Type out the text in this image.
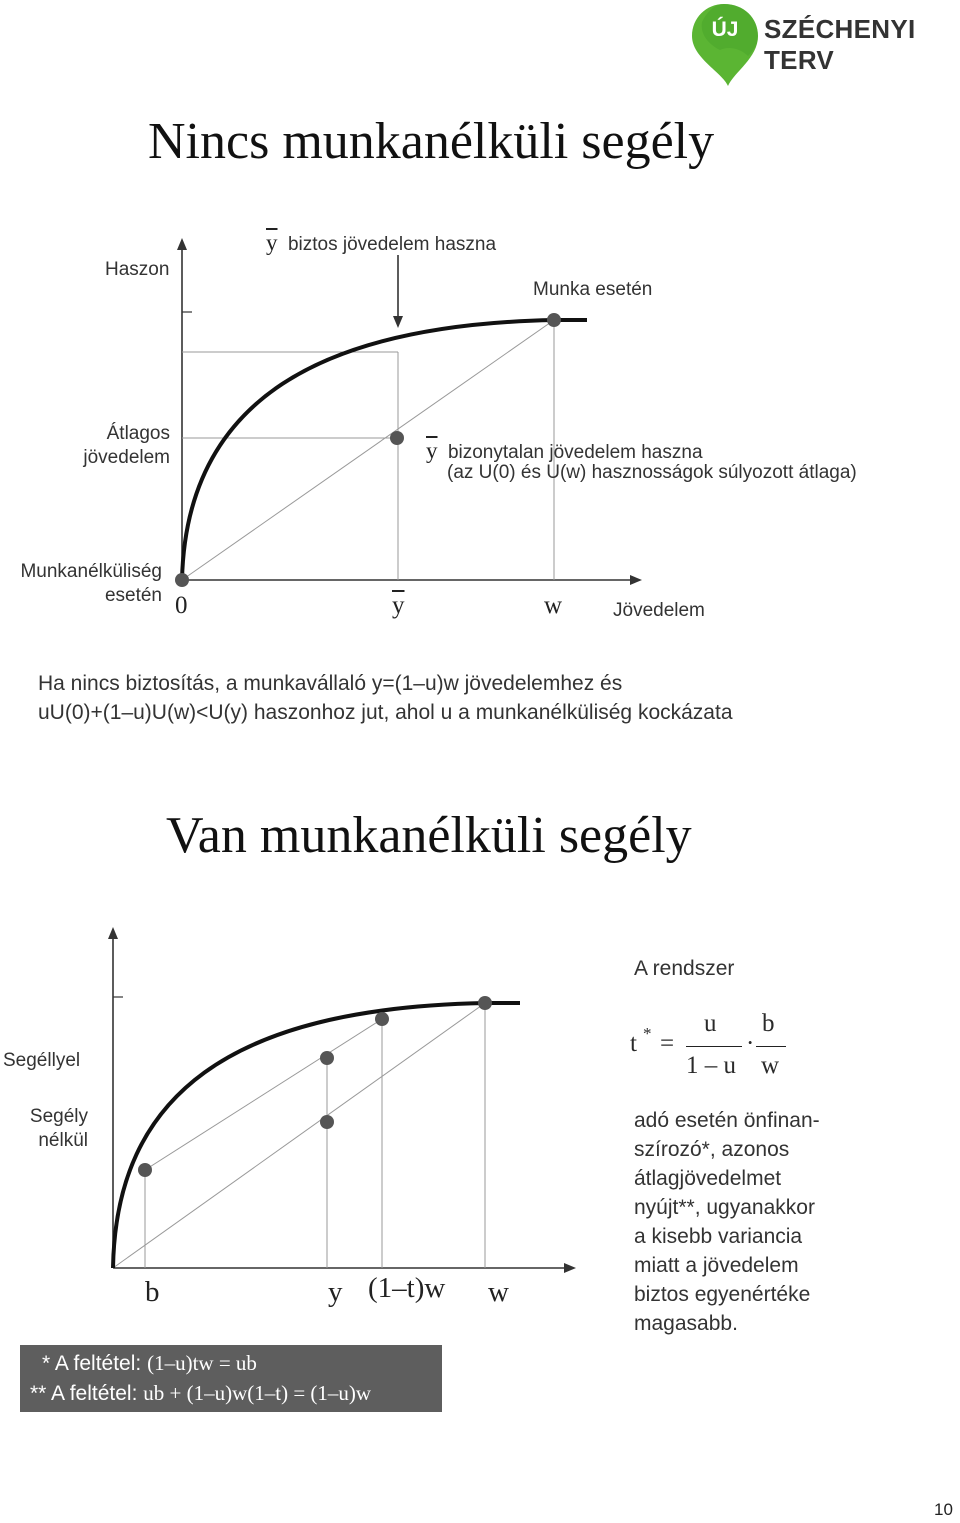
ÚJ SZÉCHENYI TERV
Nincs munkanélküli segély
Haszon
$\overline{y}$ biztos jövedelem haszna
Munka esetén
Átlagos jövedelem	$\overline{y}$ bizonytalan jövedelem haszna
(az U(0) és U(w) hasznosságok súlyozott átlaga)
Munkanélküliség esetén 0	$\overline{y}$	w	Jövedelem
Ha nincs biztosítás, a munkavállaló y=(1–u)w jövedelemhez és
uU(0)+(1–u)U(w)<U(y) haszonhoz jut, ahol u a munkanélküliség kockázata
Van munkanélküli segély
Segéllyel
Segély nélkül
b	y (1–t)w w
A rendszer
t * =
u
1 – u
·
b
w
adó esetén önfinan-
szírozó*, azonos
átlagjövedelmet
nyújt**, ugyanakkor
a kisebb variancia
miatt a jövedelem
biztos egyenértéke
magasabb.
* A feltétel: (1–u)tw = ub
** A feltétel: ub + (1–u)w(1–t) = (1–u)w
10
